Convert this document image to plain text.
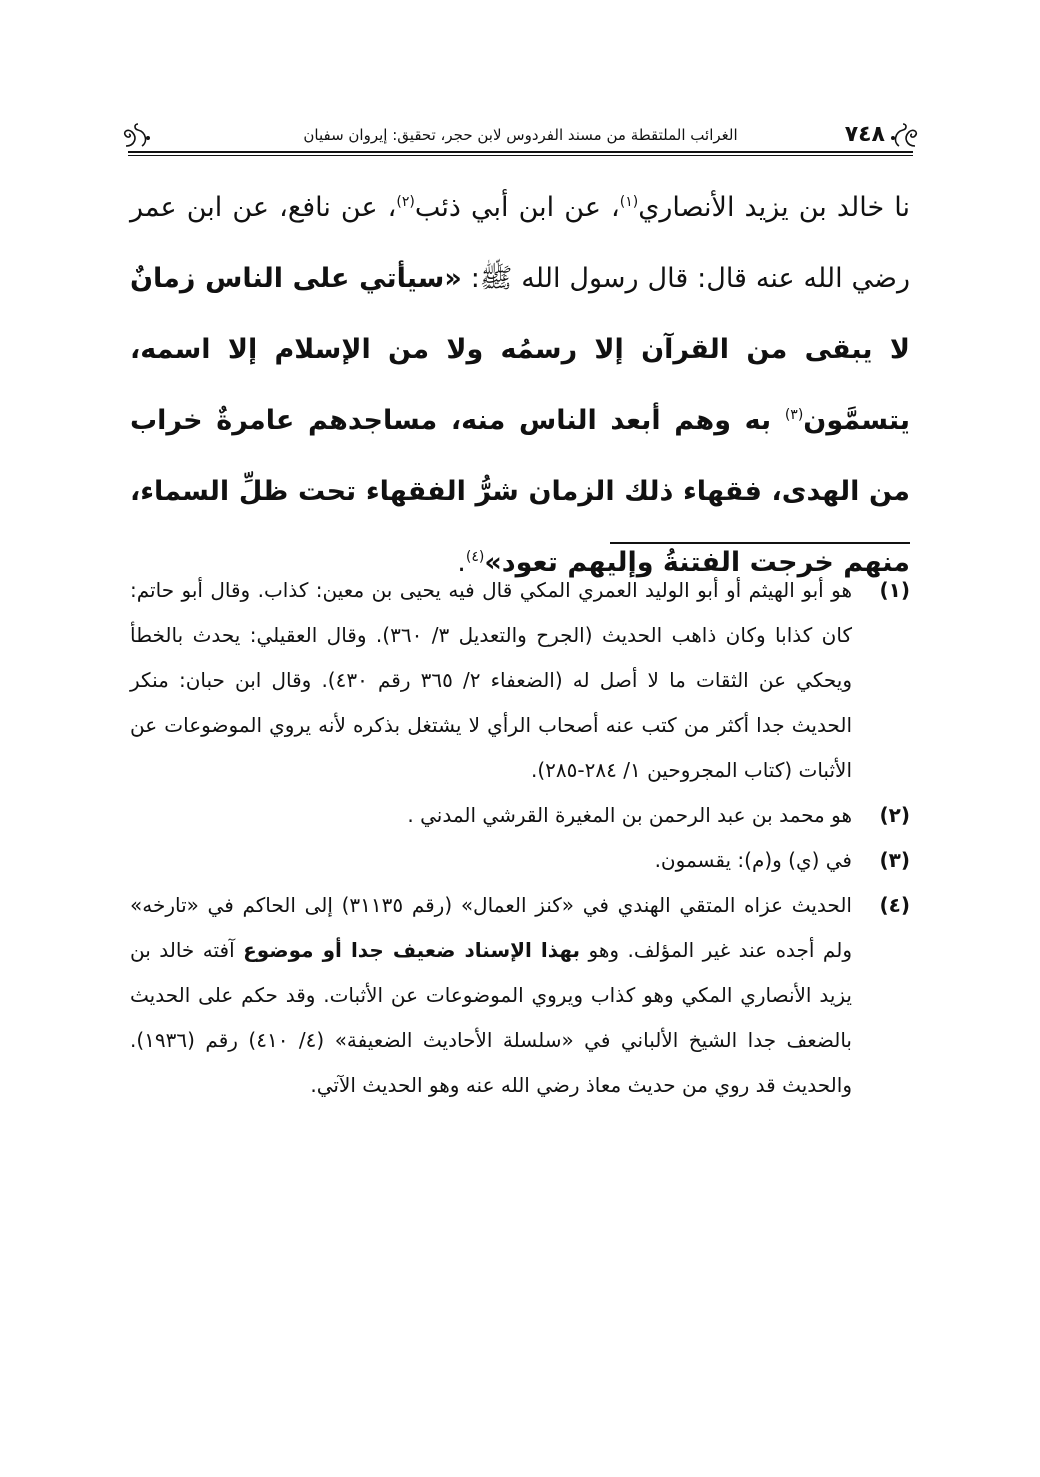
٧٤٨
الغرائب الملتقطة من مسند الفردوس لابن حجر، تحقيق: إيروان سفيان
نا خالد بن يزيد الأنصاري$^{(١)}$، عن ابن أبي ذئب$^{(٢)}$، عن نافع، عن ابن عمر رضي الله عنه قال: قال رسول الله ﷺ: «سيأتي على الناس زمانٌ لا يبقى من القرآن إلا رسمُه ولا من الإسلام إلا اسمه، يتسمَّون$^{(٣)}$ به وهم أبعد الناس منه، مساجدهم عامرةٌ خراب من الهدى، فقهاء ذلك الزمان شرُّ الفقهاء تحت ظلِّ السماء، منهم خرجت الفتنةُ وإليهم تعود»$^{(٤)}$.
(١)
هو أبو الهيثم أو أبو الوليد العمري المكي قال فيه يحيى بن معين: كذاب. وقال أبو حاتم: كان كذابا وكان ذاهب الحديث (الجرح والتعديل ٣/ ٣٦٠). وقال العقيلي: يحدث بالخطأ ويحكي عن الثقات ما لا أصل له (الضعفاء ٢/ ٣٦٥ رقم ٤٣٠). وقال ابن حبان: منكر الحديث جدا أكثر من كتب عنه أصحاب الرأي لا يشتغل بذكره لأنه يروي الموضوعات عن الأثبات (كتاب المجروحين ١/ ٢٨٤-٢٨٥).
(٢)
هو محمد بن عبد الرحمن بن المغيرة القرشي المدني .
(٣)
في (ي) و(م): يقسمون.
(٤)
الحديث عزاه المتقي الهندي في «كنز العمال» (رقم ٣١١٣٥) إلى الحاكم في «تارخه» ولم أجده عند غير المؤلف. وهو بهذا الإسناد ضعيف جدا أو موضوع آفته خالد بن يزيد الأنصاري المكي وهو كذاب ويروي الموضوعات عن الأثبات. وقد حكم على الحديث بالضعف جدا الشيخ الألباني في «سلسلة الأحاديث الضعيفة» (٤/ ٤١٠) رقم (١٩٣٦). والحديث قد روي من حديث معاذ رضي الله عنه وهو الحديث الآتي.
